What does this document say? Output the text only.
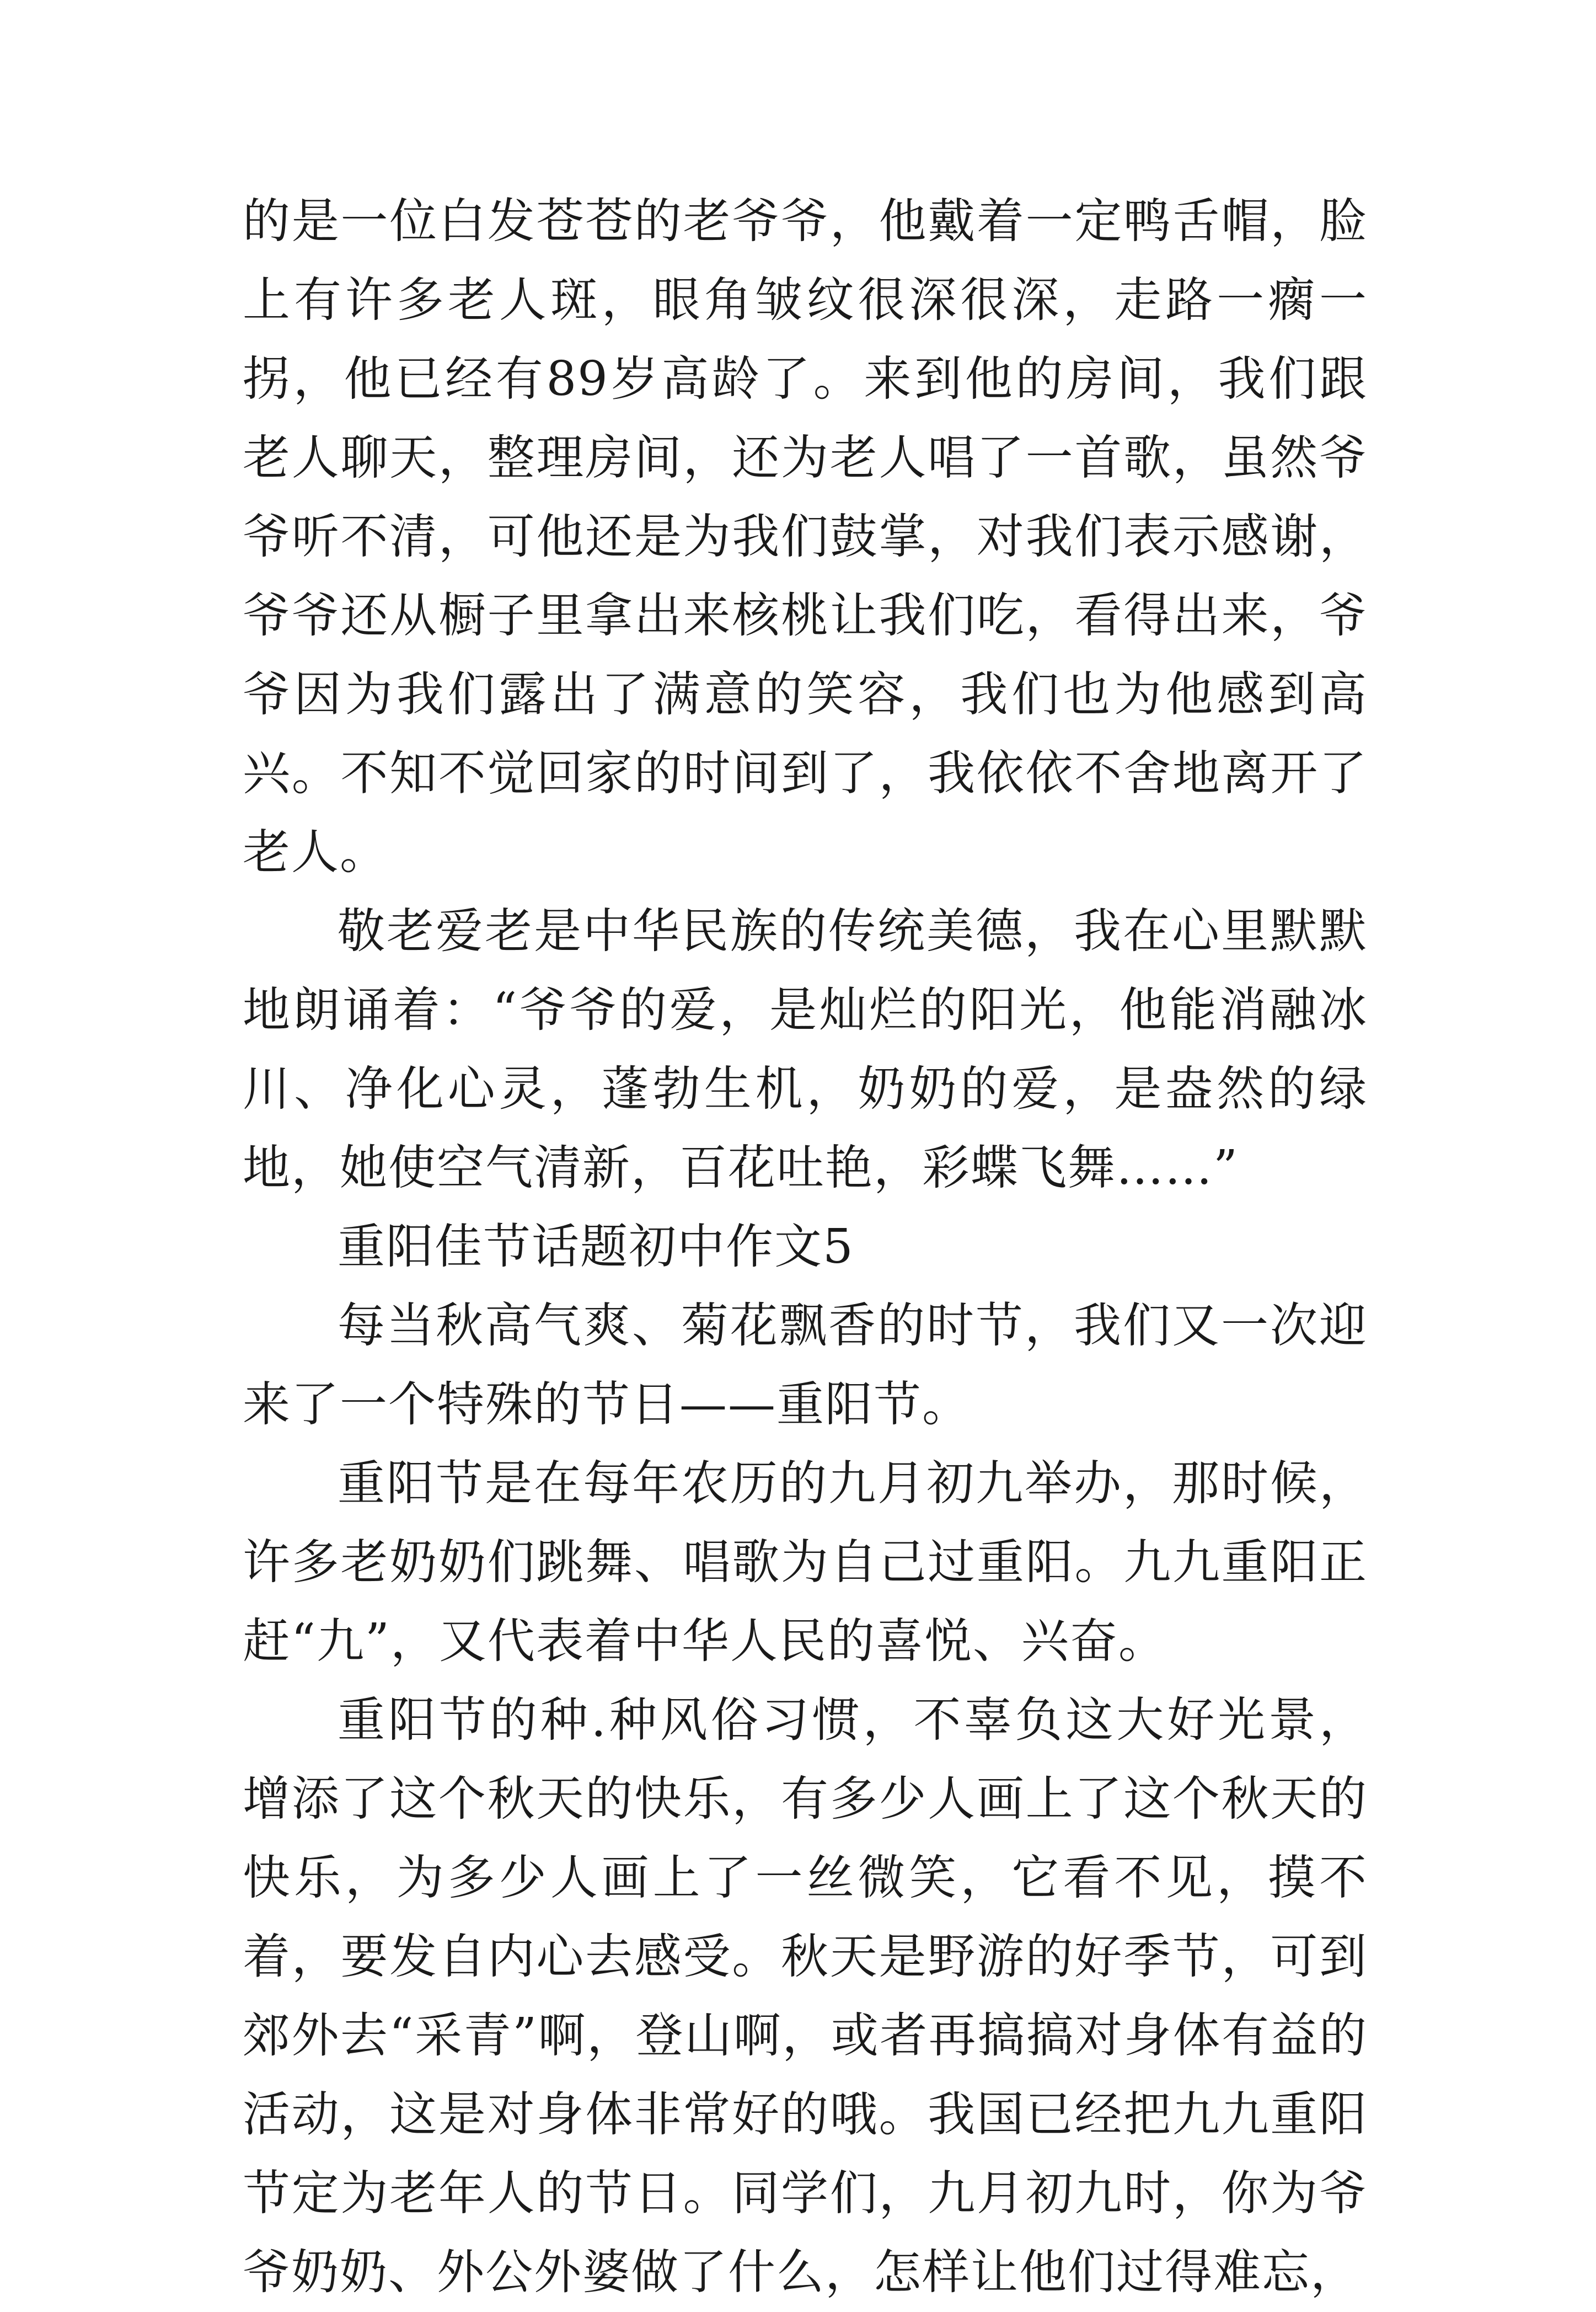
的是一位白发苍苍的老爷爷，他戴着一定鸭舌帽，脸上有许多老人斑，眼角皱纹很深很深，走路一瘸一拐，他已经有89岁高龄了。来到他的房间，我们跟老人聊天，整理房间，还为老人唱了一首歌，虽然爷爷听不清，可他还是为我们鼓掌，对我们表示感谢，爷爷还从橱子里拿出来核桃让我们吃，看得出来，爷爷因为我们露出了满意的笑容，我们也为他感到高兴。不知不觉回家的时间到了，我依依不舍地离开了老人。

敬老爱老是中华民族的传统美德，我在心里默默地朗诵着：“爷爷的爱，是灿烂的阳光，他能消融冰川、净化心灵，蓬勃生机，奶奶的爱，是盎然的绿地，她使空气清新，百花吐艳，彩蝶飞舞……”

重阳佳节话题初中作文5

每当秋高气爽、菊花飘香的时节，我们又一次迎来了一个特殊的节日——重阳节。

重阳节是在每年农历的九月初九举办，那时候，许多老奶奶们跳舞、唱歌为自己过重阳。九九重阳正赶“九”，又代表着中华人民的喜悦、兴奋。

重阳节的种.种风俗习惯，不辜负这大好光景，增添了这个秋天的快乐，有多少人画上了这个秋天的快乐，为多少人画上了一丝微笑，它看不见，摸不着，要发自内心去感受。秋天是野游的好季节，可到郊外去“采青”啊，登山啊，或者再搞搞对身体有益的活动，这是对身体非常好的哦。我国已经把九九重阳节定为老年人的节日。同学们，九月初九时，你为爷爷奶奶、外公外婆做了什么，怎样让他们过得难忘，
